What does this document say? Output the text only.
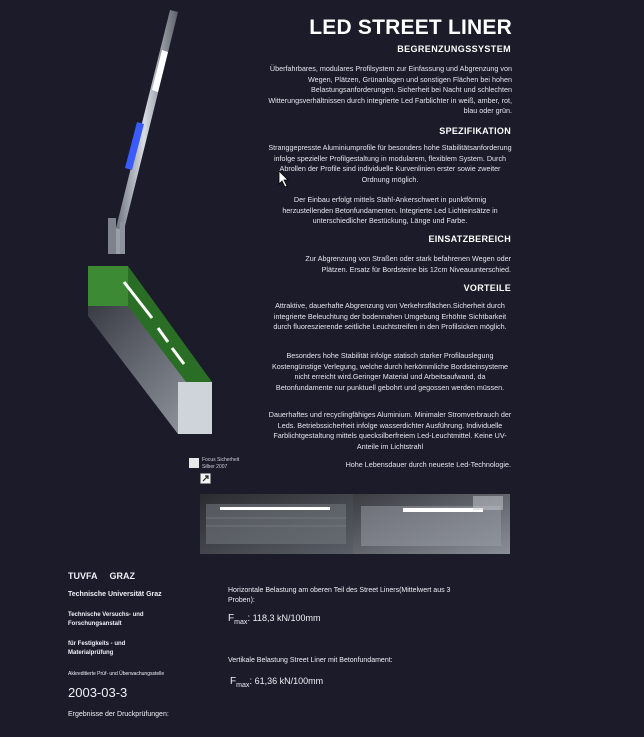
Focus Sicherheit
Silber 2007
LED STREET LINER
BEGRENZUNGSSYSTEM
Überfahrbares, modulares Profilsystem zur Einfassung und Abgrenzung von Wegen, Plätzen, Grünanlagen und sonstigen Flächen bei hohen Belastungsanforderungen. Sicherheit bei Nacht und schlechten Witterungsverhältnissen durch integrierte Led Farblichter in weiß, amber, rot, blau oder grün.
SPEZIFIKATION
Stranggepresste Aluminiumprofile für besonders hohe Stabilitätsanforderung infolge spezieller Profilgestaltung in modularem, flexiblem System. Durch Abrollen der Profile sind individuelle Kurvenlinien erster sowie zweiter Ordnung möglich.
Der Einbau erfolgt mittels Stahl-Ankerschwert in punktförmig herzustellenden Betonfundamenten. Integrierte Led Lichteinsätze in unterschiedlicher Bestückung, Länge und Farbe.
EINSATZBEREICH
Zur Abgrenzung von Straßen oder stark befahrenen Wegen oder Plätzen. Ersatz für Bordsteine bis 12cm Niveauunterschied.
VORTEILE
Attraktive, dauerhafte Abgrenzung von Verkehrsflächen.Sicherheit durch integrierte Beleuchtung der bodennahen Umgebung Erhöhte Sichtbarkeit durch fluoreszierende seitliche Leuchtstreifen in den Profilsicken möglich.
Besonders hohe Stabilität infolge statisch starker Profilauslegung Kostengünstige Verlegung, welche durch herkömmliche Bordsteinsysteme nicht erreicht wird.Geringer Material und Arbeitsaufwand, da Betonfundamente nur punktuell gebohrt und gegossen werden müssen.
Dauerhaftes und recyclingfähiges Aluminium. Minimaler Stromverbrauch der Leds. Betriebssicherheit infolge wasserdichter Ausführung. Individuelle Farblichtgestaltung mittels quecksilberfreiem Led-Leuchtmittel. Keine UV-Anteile im Lichtstrahl
Hohe Lebensdauer durch neueste Led-Technologie.
TUVFA GRAZ
Technische Universität Graz
Technische Versuchs- und
Forschungsanstalt
für Festigkeits - und
Materialprüfung
Akkreditierte Prüf- und Überwachungsstelle
2003-03-3
Ergebnisse der Druckprüfungen:
Horizontale Belastung am oberen Teil des Street Liners(Mittelwert aus 3 Proben):
$F_{max}$: 118,3 kN/100mm
Vertikale Belastung Street Liner mit Betonfundament:
$F_{max}$: 61,36 kN/100mm
